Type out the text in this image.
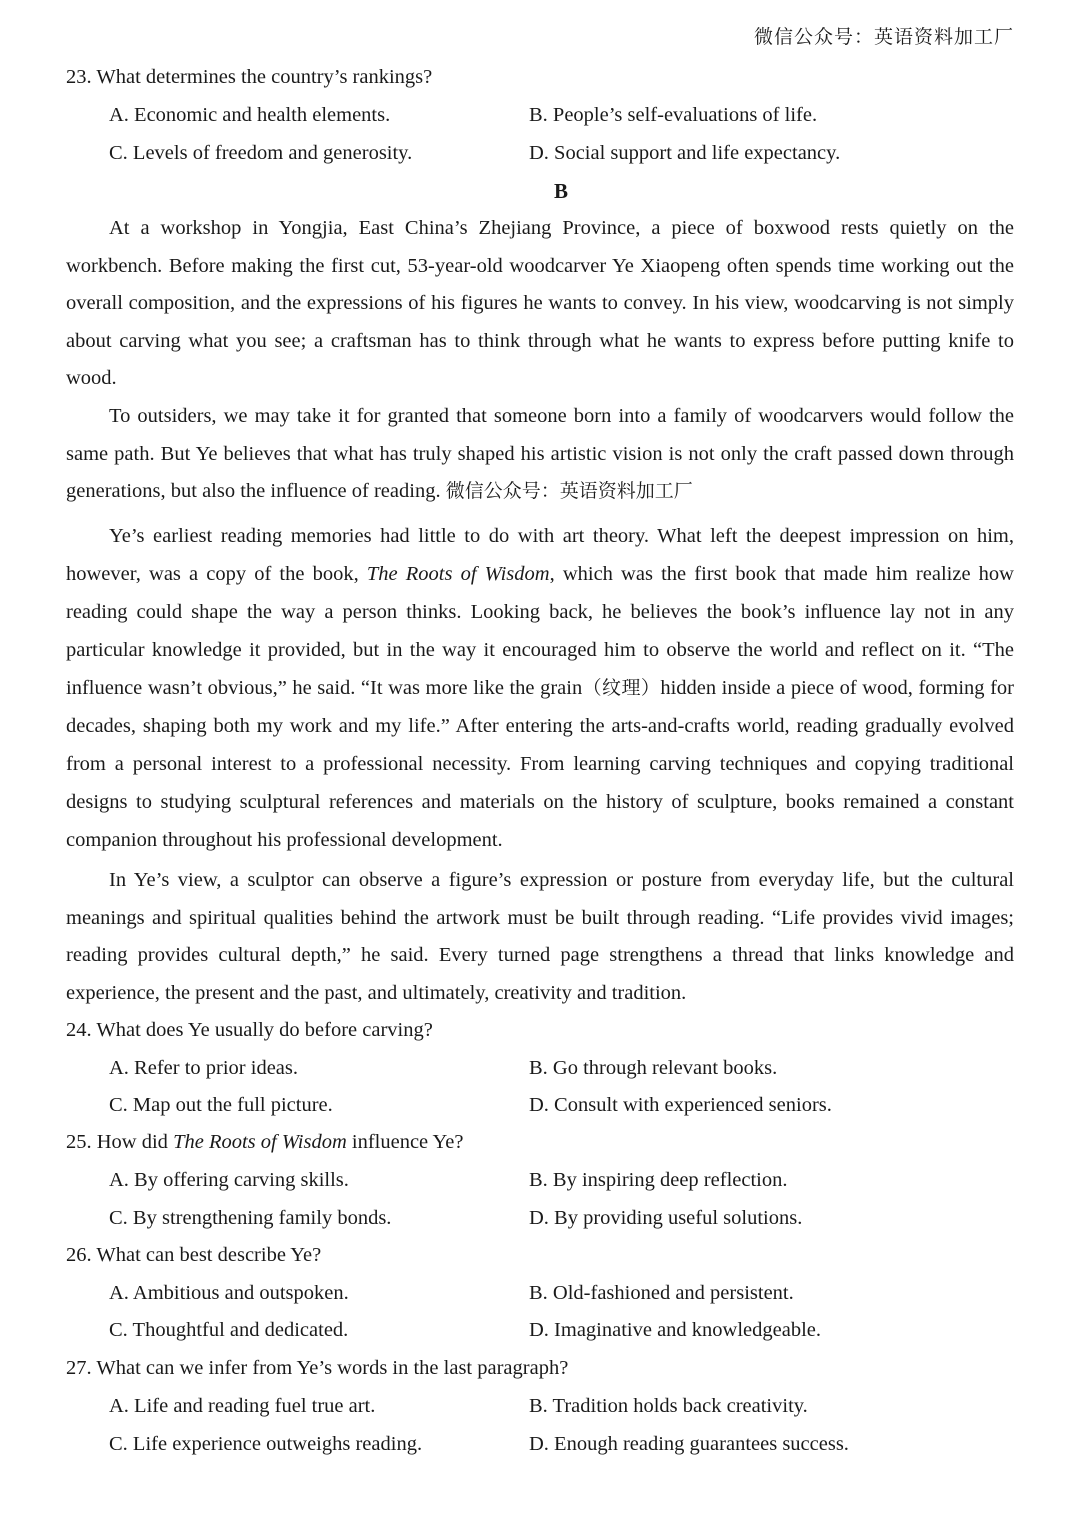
微信公众号：英语资料加工厂
23. What determines the country’s rankings?
A. Economic and health elements.	B. People’s self-evaluations of life.
C. Levels of freedom and generosity.	D. Social support and life expectancy.
B

At a workshop in Yongjia, East China’s Zhejiang Province, a piece of boxwood rests quietly on the workbench. Before making the first cut, 53-year-old woodcarver Ye Xiaopeng often spends time working out the overall composition, and the expressions of his figures he wants to convey. In his view, woodcarving is not simply about carving what you see; a craftsman has to think through what he wants to express before putting knife to wood.

To outsiders, we may take it for granted that someone born into a family of woodcarvers would follow the same path. But Ye believes that what has truly shaped his artistic vision is not only the craft passed down through generations, but also the influence of reading. 微信公众号：英语资料加工厂

Ye’s earliest reading memories had little to do with art theory. What left the deepest impression on him, however, was a copy of the book, The Roots of Wisdom, which was the first book that made him realize how reading could shape the way a person thinks. Looking back, he believes the book’s influence lay not in any particular knowledge it provided, but in the way it encouraged him to observe the world and reflect on it. “The influence wasn’t obvious,” he said. “It was more like the grain（纹理）hidden inside a piece of wood, forming for decades, shaping both my work and my life.” After entering the arts-and-crafts world, reading gradually evolved from a personal interest to a professional necessity. From learning carving techniques and copying traditional designs to studying sculptural references and materials on the history of sculpture, books remained a constant companion throughout his professional development.

In Ye’s view, a sculptor can observe a figure’s expression or posture from everyday life, but the cultural meanings and spiritual qualities behind the artwork must be built through reading. “Life provides vivid images; reading provides cultural depth,” he said. Every turned page strengthens a thread that links knowledge and experience, the present and the past, and ultimately, creativity and tradition.

24. What does Ye usually do before carving?
A. Refer to prior ideas.	B. Go through relevant books.
C. Map out the full picture.	D. Consult with experienced seniors.
25. How did The Roots of Wisdom influence Ye?
A. By offering carving skills.	B. By inspiring deep reflection.
C. By strengthening family bonds.	D. By providing useful solutions.
26. What can best describe Ye?
A. Ambitious and outspoken.	B. Old-fashioned and persistent.
C. Thoughtful and dedicated.	D. Imaginative and knowledgeable.
27. What can we infer from Ye’s words in the last paragraph?
A. Life and reading fuel true art.	B. Tradition holds back creativity.
C. Life experience outweighs reading.	D. Enough reading guarantees success.
